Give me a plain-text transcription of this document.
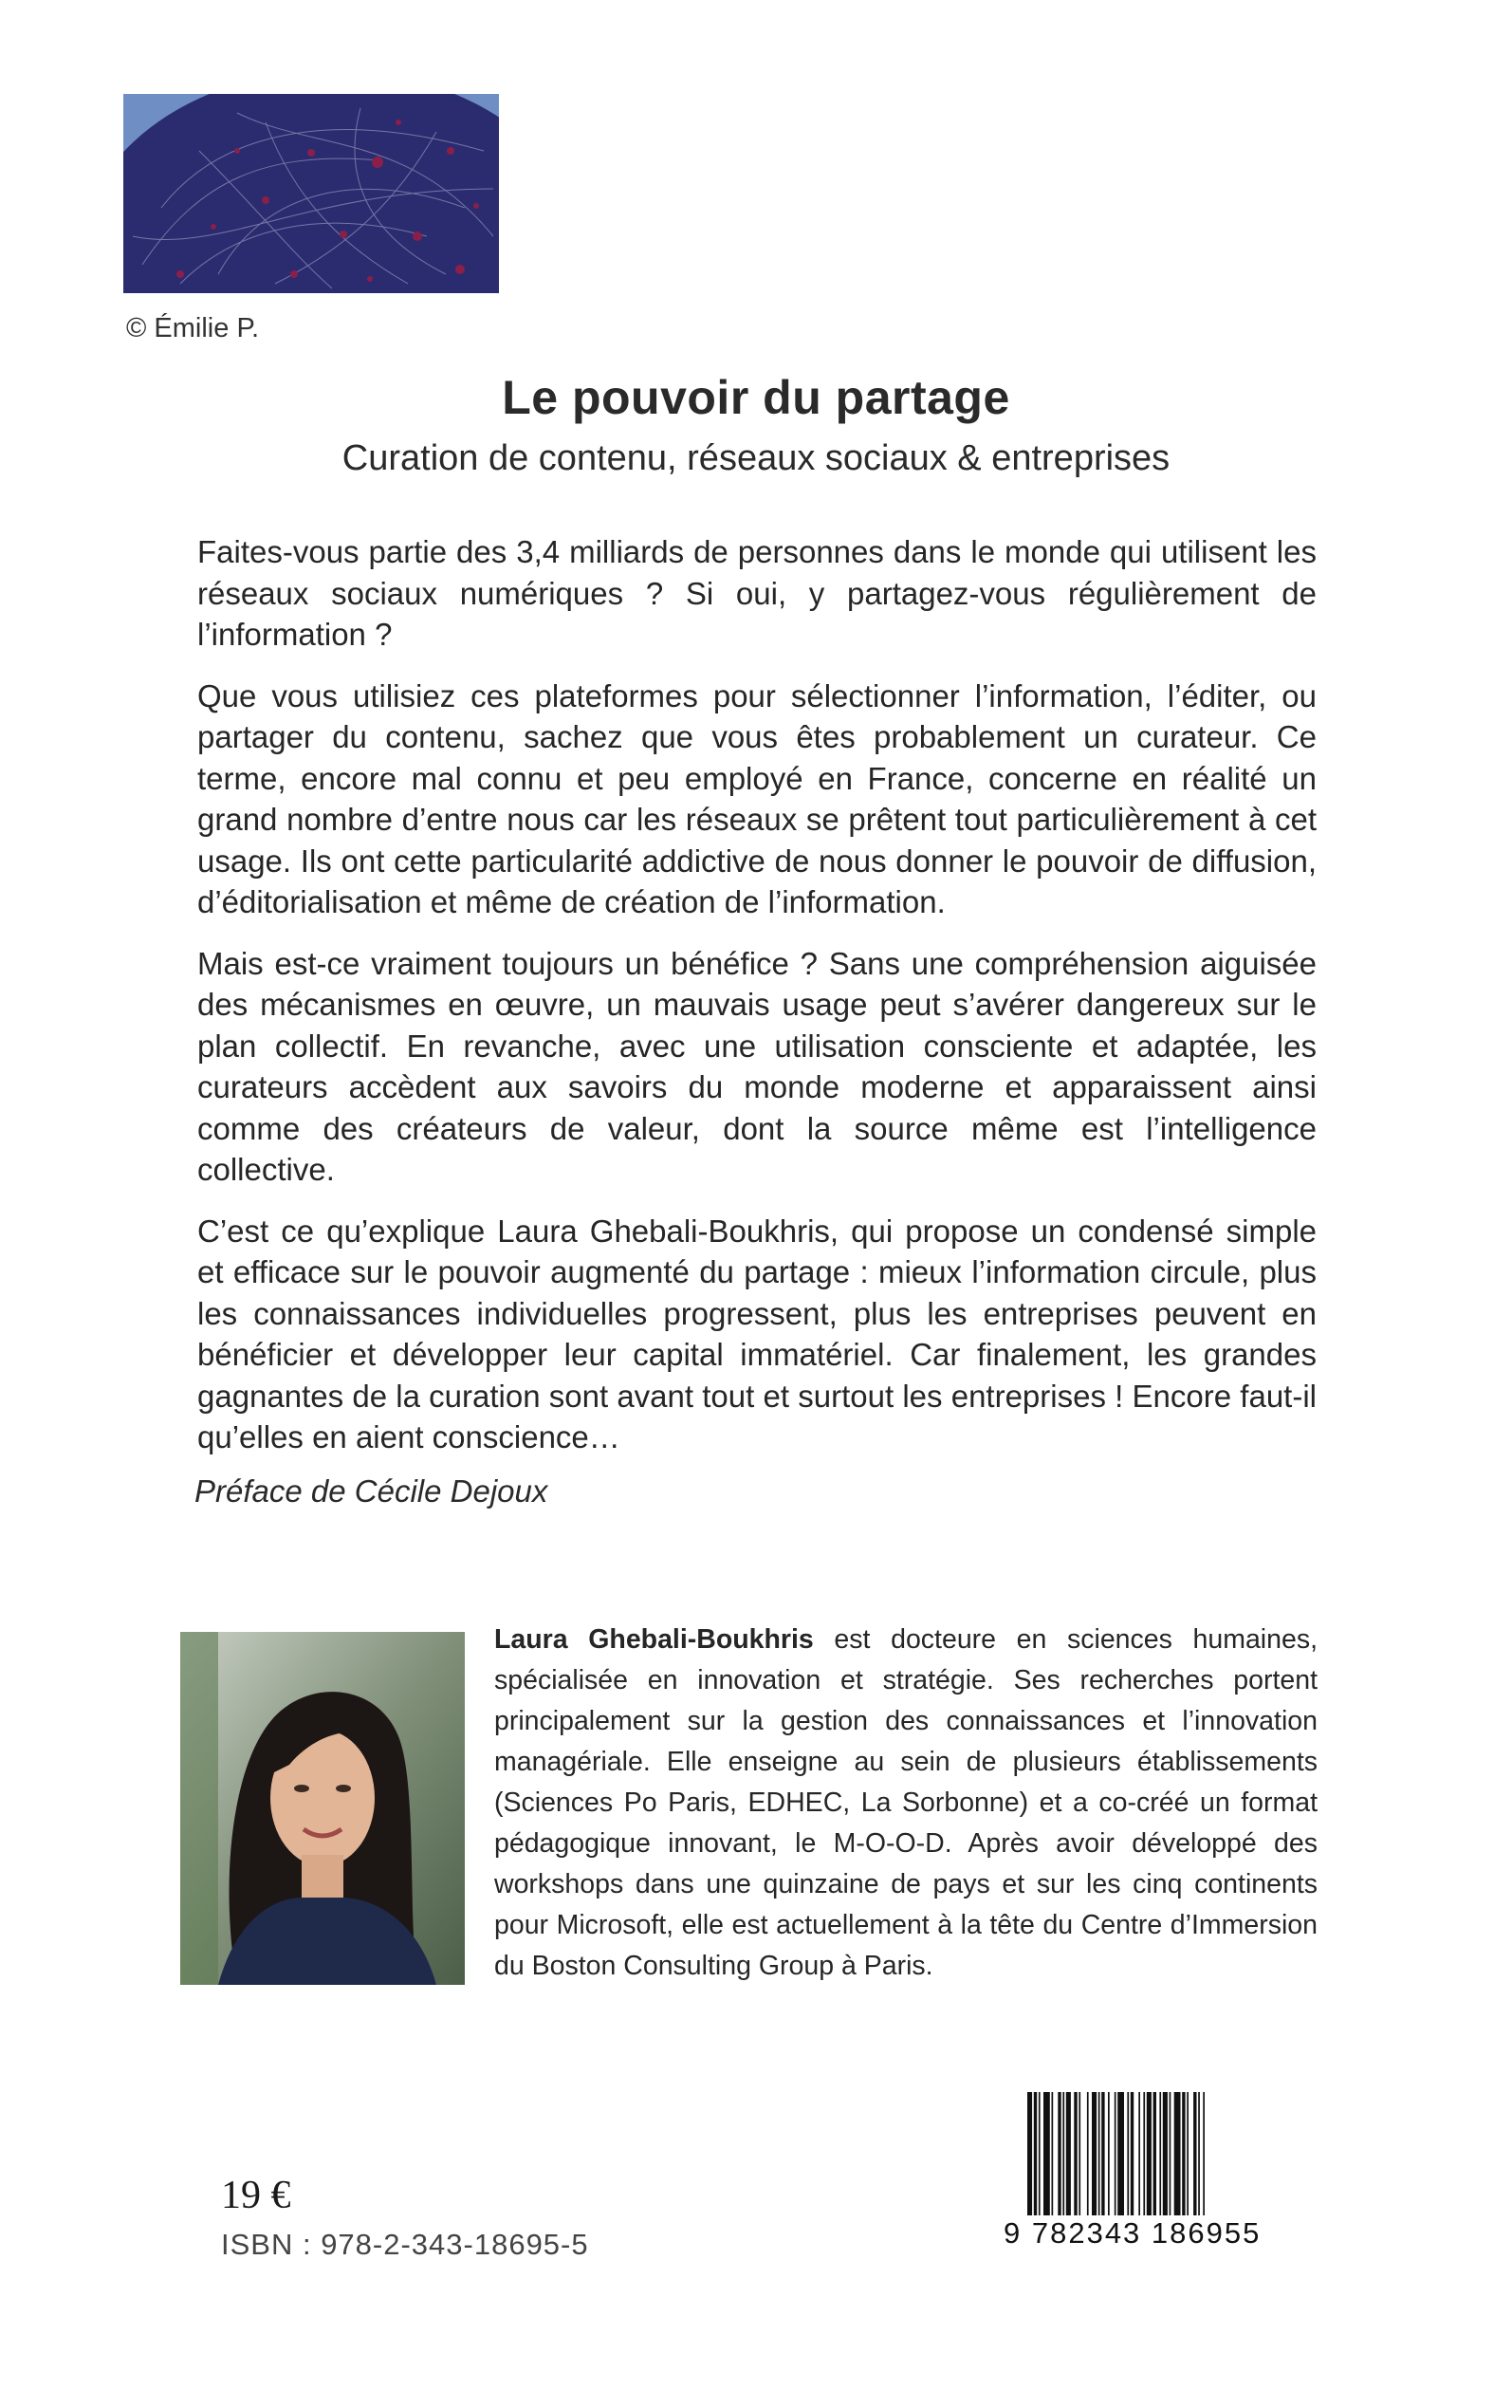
© Émilie P.
Le pouvoir du partage
Curation de contenu, réseaux sociaux & entreprises

Faites-vous partie des 3,4 milliards de personnes dans le monde qui utilisent les réseaux sociaux numériques ? Si oui, y partagez-vous régulièrement de l’information ?

Que vous utilisiez ces plateformes pour sélectionner l’information, l’éditer, ou partager du contenu, sachez que vous êtes probablement un curateur. Ce terme, encore mal connu et peu employé en France, concerne en réalité un grand nombre d’entre nous car les réseaux se prêtent tout particulièrement à cet usage. Ils ont cette particularité addictive de nous donner le pouvoir de diffusion, d’éditorialisation et même de création de l’information.

Mais est-ce vraiment toujours un bénéfice ? Sans une compréhension aiguisée des mécanismes en œuvre, un mauvais usage peut s’avérer dangereux sur le plan collectif. En revanche, avec une utilisation consciente et adaptée, les curateurs accèdent aux savoirs du monde moderne et apparaissent ainsi comme des créateurs de valeur, dont la source même est l’intelligence collective.

C’est ce qu’explique Laura Ghebali-Boukhris, qui propose un condensé simple et efficace sur le pouvoir augmenté du partage : mieux l’information circule, plus les connaissances individuelles progressent, plus les entreprises peuvent en bénéficier et développer leur capital immatériel. Car finalement, les grandes gagnantes de la curation sont avant tout et surtout les entreprises ! Encore faut-il qu’elles en aient conscience…

Préface de Cécile Dejoux
Laura Ghebali-Boukhris est docteure en sciences humaines, spécialisée en innovation et stratégie. Ses recherches portent principalement sur la gestion des connaissances et l’innovation managériale. Elle enseigne au sein de plusieurs établissements (Sciences Po Paris, EDHEC, La Sorbonne) et a co-créé un format pédagogique innovant, le M-O-O-D. Après avoir développé des workshops dans une quinzaine de pays et sur les cinq continents pour Microsoft, elle est actuellement à la tête du Centre d’Immersion du Boston Consulting Group à Paris.
19 €
ISBN : 978-2-343-18695-5	9 782343 186955
